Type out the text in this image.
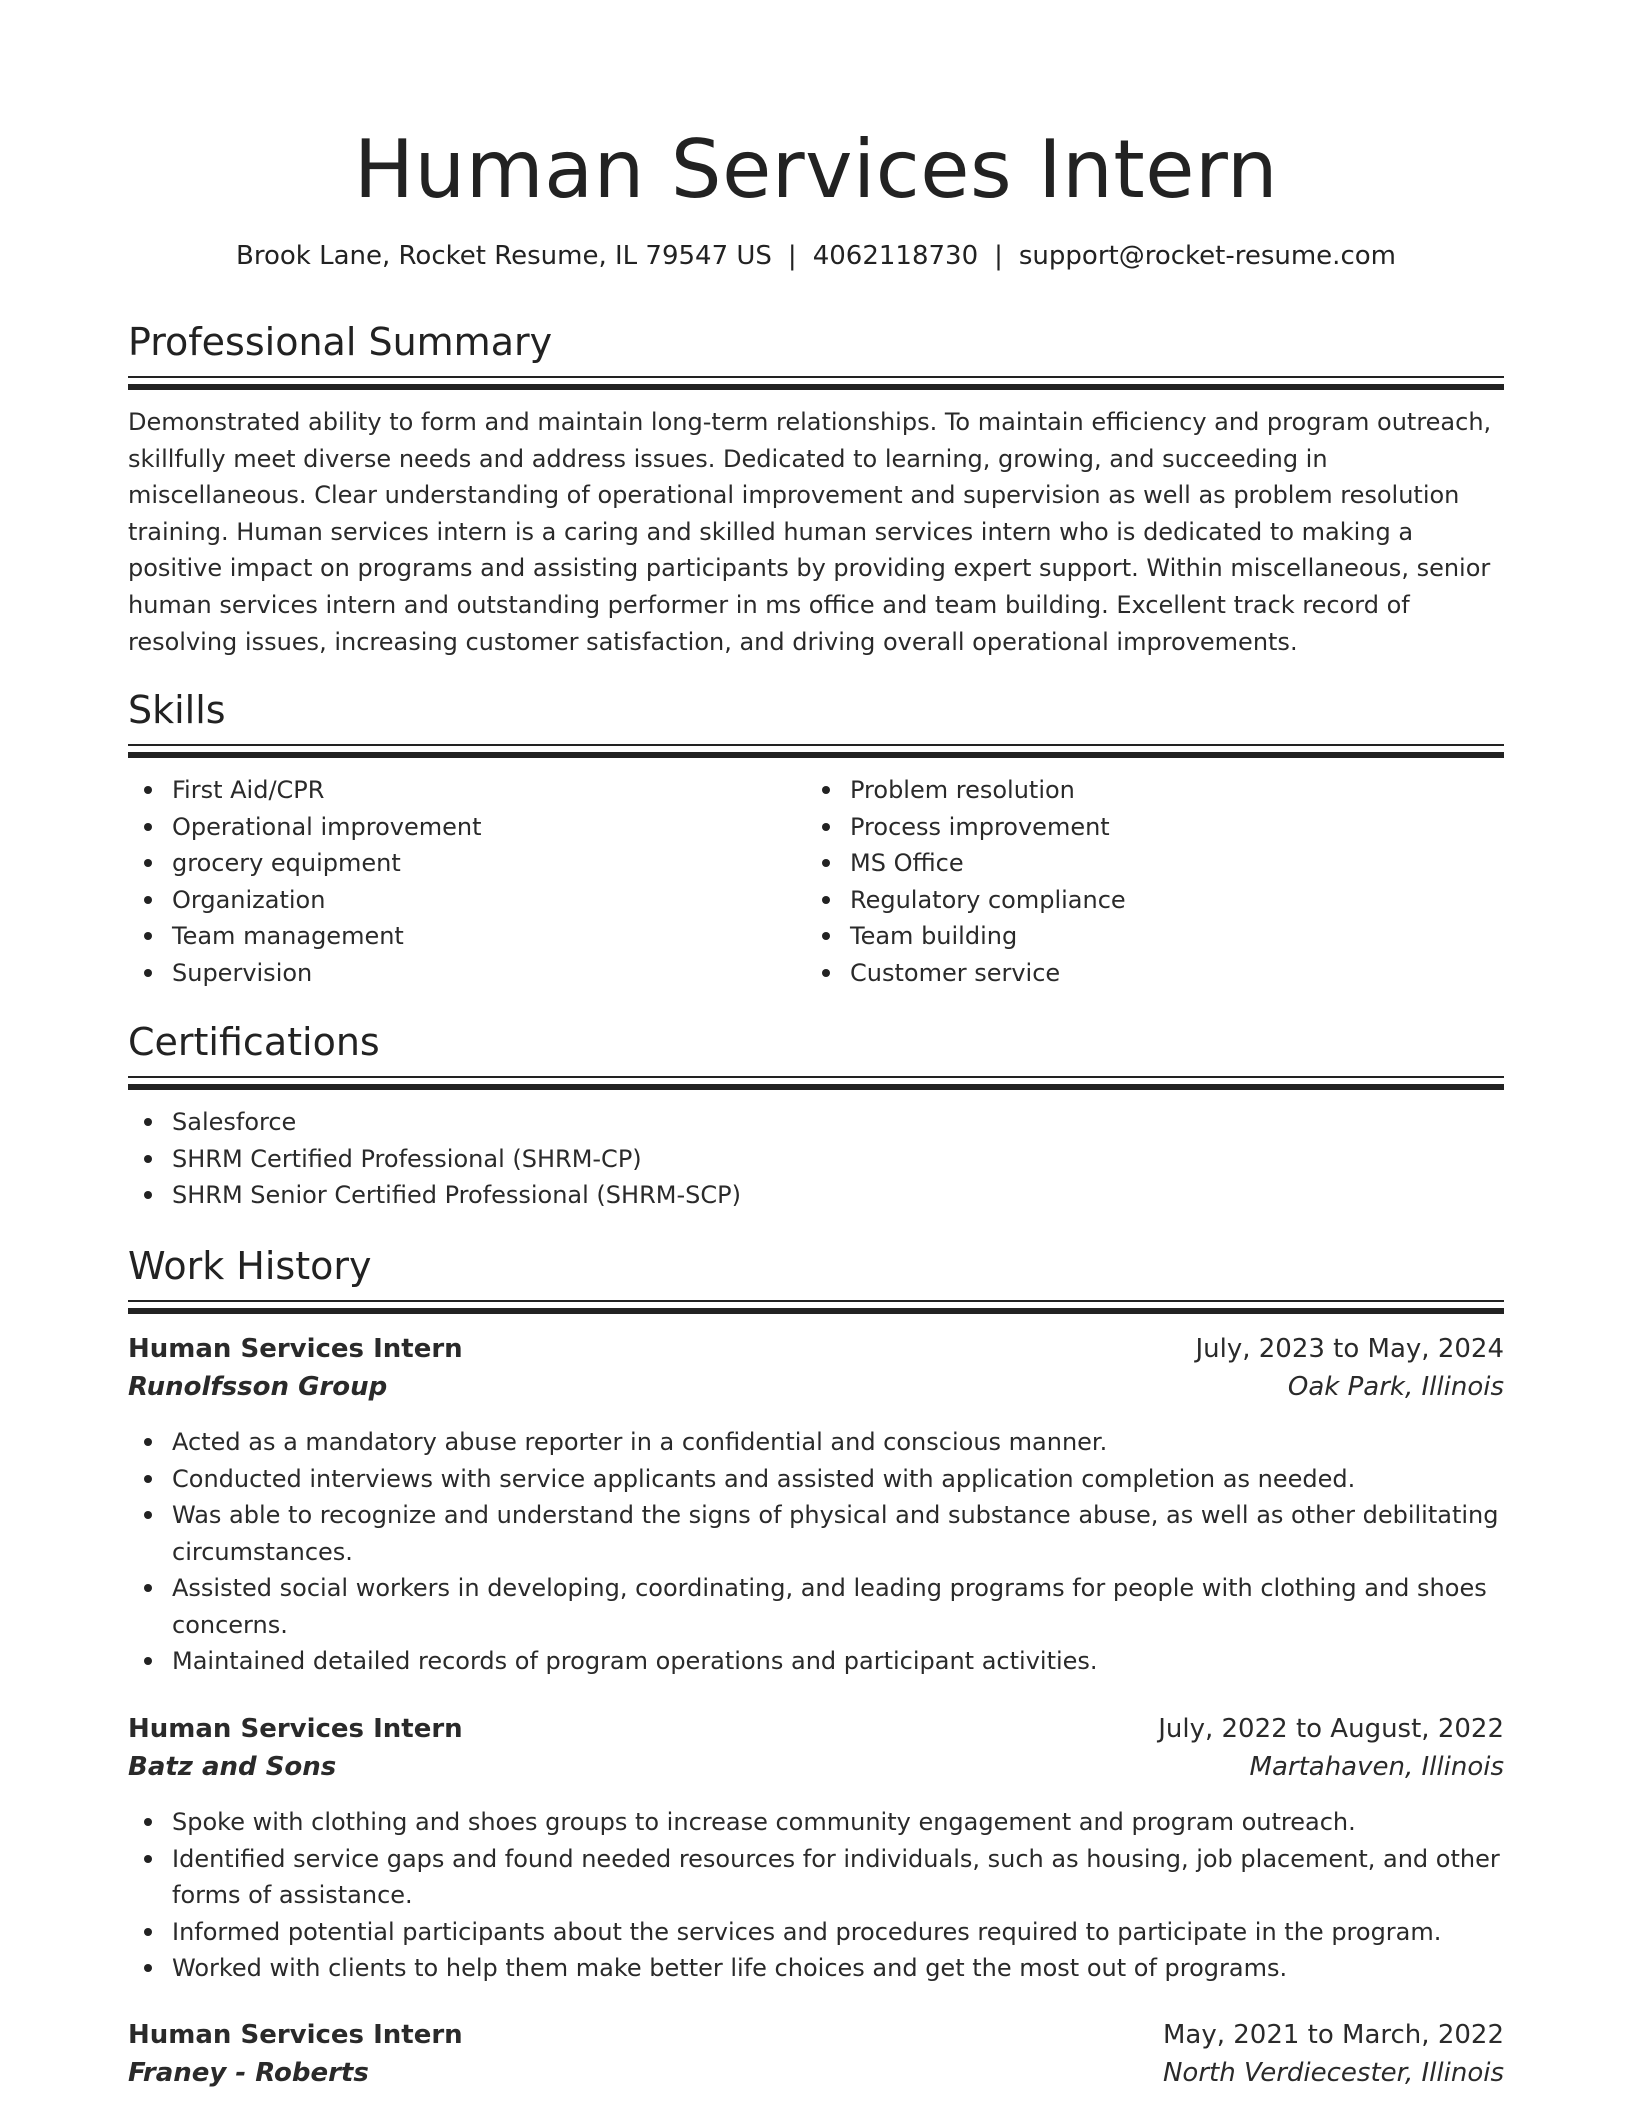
Human Services Intern
Brook Lane, Rocket Resume, IL 79547 US | 4062118730 | support@rocket-resume.com
Professional Summary

Demonstrated ability to form and maintain long-term relationships. To maintain efficiency and program outreach, skillfully meet diverse needs and address issues. Dedicated to learning, growing, and succeeding in miscellaneous. Clear understanding of operational improvement and supervision as well as problem resolution training. Human services intern is a caring and skilled human services intern who is dedicated to making a positive impact on programs and assisting participants by providing expert support. Within miscellaneous, senior human services intern and outstanding performer in ms office and team building. Excellent track record of resolving issues, increasing customer satisfaction, and driving overall operational improvements.

Skills
First Aid/CPR
Operational improvement
grocery equipment
Organization
Team management
Supervision
Problem resolution
Process improvement
MS Office
Regulatory compliance
Team building
Customer service
Certifications
Salesforce
SHRM Certified Professional (SHRM-CP)
SHRM Senior Certified Professional (SHRM-SCP)
Work History
Human Services Intern	July, 2023 to May, 2024
Runolfsson Group	Oak Park, Illinois
Acted as a mandatory abuse reporter in a confidential and conscious manner.
Conducted interviews with service applicants and assisted with application completion as needed.
Was able to recognize and understand the signs of physical and substance abuse, as well as other debilitating circumstances.
Assisted social workers in developing, coordinating, and leading programs for people with clothing and shoes concerns.
Maintained detailed records of program operations and participant activities.
Human Services Intern	July, 2022 to August, 2022
Batz and Sons	Martahaven, Illinois
Spoke with clothing and shoes groups to increase community engagement and program outreach.
Identified service gaps and found needed resources for individuals, such as housing, job placement, and other forms of assistance.
Informed potential participants about the services and procedures required to participate in the program.
Worked with clients to help them make better life choices and get the most out of programs.
Human Services Intern	May, 2021 to March, 2022
Franey - Roberts	North Verdiecester, Illinois
